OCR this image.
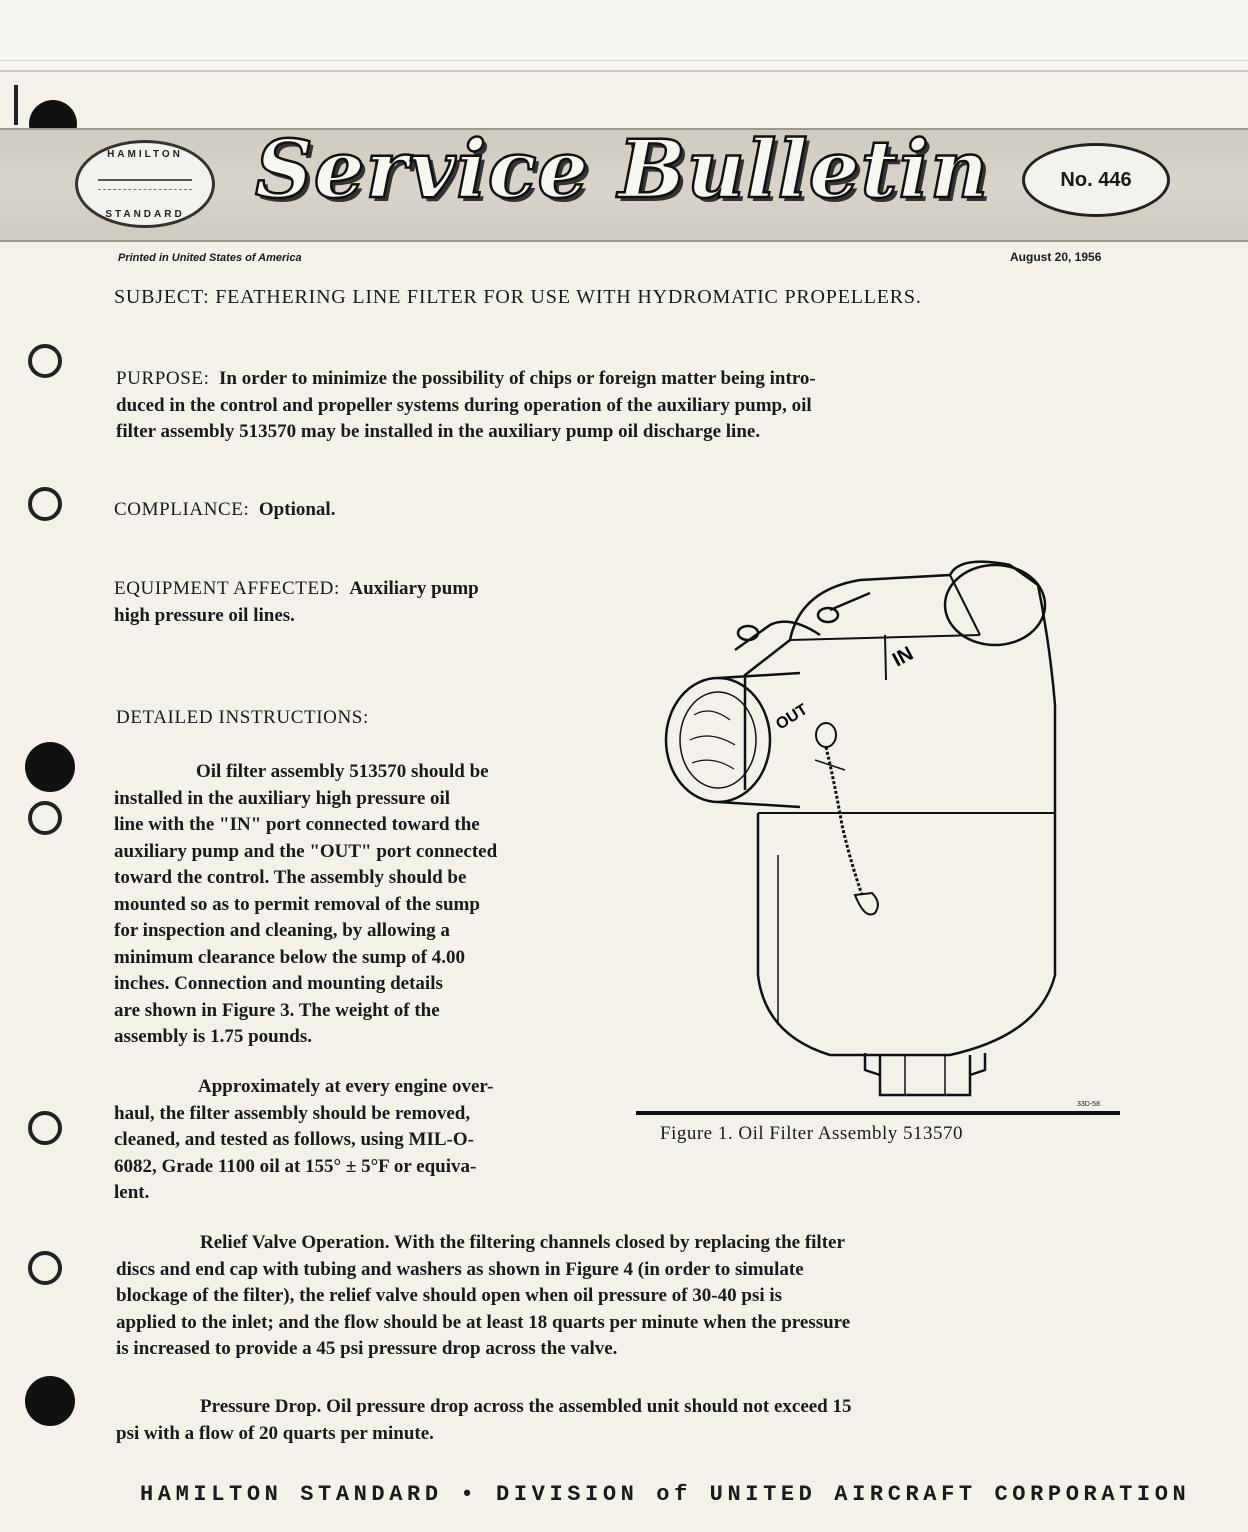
HAMILTON
STANDARD Service Bulletin	No. 446
Printed in United States of America	August 20, 1956
SUBJECT: FEATHERING LINE FILTER FOR USE WITH HYDROMATIC PROPELLERS.
PURPOSE: In order to minimize the possibility of chips or foreign matter being intro-
duced in the control and propeller systems during operation of the auxiliary pump, oil
filter assembly 513570 may be installed in the auxiliary pump oil discharge line.
COMPLIANCE: Optional.
EQUIPMENT AFFECTED: Auxiliary pump
high pressure oil lines.
DETAILED INSTRUCTIONS:
Oil filter assembly 513570 should be
installed in the auxiliary high pressure oil
line with the "IN" port connected toward the
auxiliary pump and the "OUT" port connected
toward the control. The assembly should be
mounted so as to permit removal of the sump
for inspection and cleaning, by allowing a
minimum clearance below the sump of 4.00
inches. Connection and mounting details
are shown in Figure 3. The weight of the
assembly is 1.75 pounds.
Approximately at every engine over-
haul, the filter assembly should be removed,
cleaned, and tested as follows, using MIL-O-
6082, Grade 1100 oil at 155° ± 5°F or equiva-
lent.
IN
OUT
33D-58
Figure 1. Oil Filter Assembly 513570
Relief Valve Operation. With the filtering channels closed by replacing the filter
discs and end cap with tubing and washers as shown in Figure 4 (in order to simulate
blockage of the filter), the relief valve should open when oil pressure of 30-40 psi is
applied to the inlet; and the flow should be at least 18 quarts per minute when the pressure
is increased to provide a 45 psi pressure drop across the valve.
Pressure Drop. Oil pressure drop across the assembled unit should not exceed 15
psi with a flow of 20 quarts per minute.
HAMILTON STANDARD • DIVISION of UNITED AIRCRAFT CORPORATION
